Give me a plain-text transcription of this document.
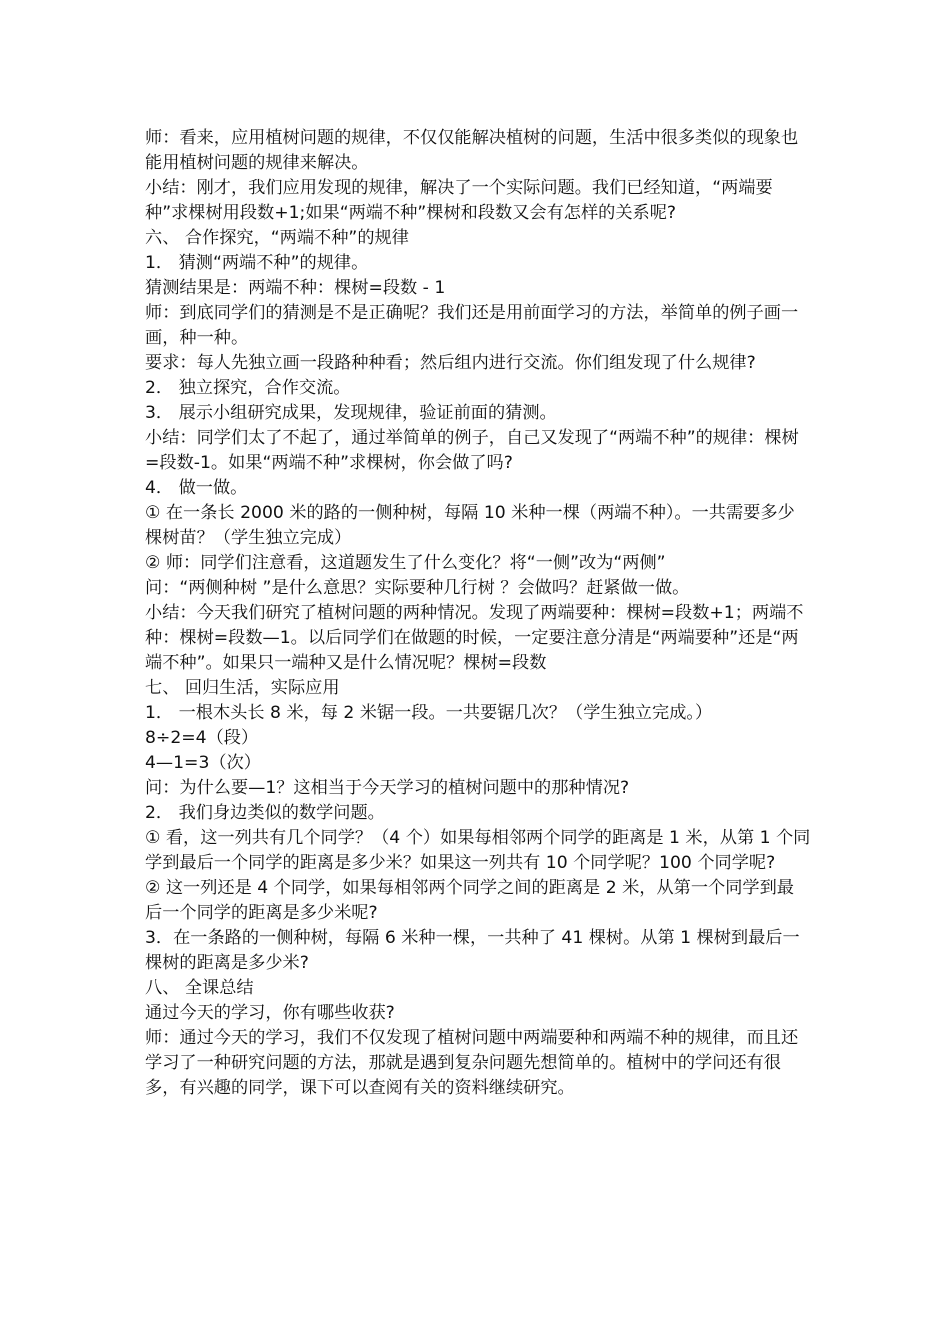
师：看来，应用植树问题的规律，不仅仅能解决植树的问题，生活中很多类似的现象也能用植树问题的规律来解决。

小结：刚才，我们应用发现的规律，解决了一个实际问题。我们已经知道，“两端要种”求棵树用段数+1;如果“两端不种”棵树和段数又会有怎样的关系呢?

六、 合作探究，“两端不种”的规律

1． 猜测“两端不种”的规律。

猜测结果是：两端不种：棵树=段数 - 1

师：到底同学们的猜测是不是正确呢？我们还是用前面学习的方法，举简单的例子画一画，种一种。

要求：每人先独立画一段路种种看；然后组内进行交流。你们组发现了什么规律?

2． 独立探究，合作交流。

3． 展示小组研究成果，发现规律，验证前面的猜测。

小结：同学们太了不起了，通过举简单的例子，自己又发现了“两端不种”的规律：棵树=段数-1。如果“两端不种”求棵树，你会做了吗?

4． 做一做。

① 在一条长 2000 米的路的一侧种树，每隔 10 米种一棵（两端不种）。一共需要多少棵树苗？（学生独立完成）

② 师：同学们注意看，这道题发生了什么变化？将“一侧”改为“两侧”

问：“两侧种树 ”是什么意思？实际要种几行树 ？会做吗？赶紧做一做。

小结：今天我们研究了植树问题的两种情况。发现了两端要种：棵树=段数+1；两端不种：棵树=段数—1。以后同学们在做题的时候，一定要注意分清是“两端要种”还是“两端不种”。如果只一端种又是什么情况呢？棵树=段数

七、 回归生活，实际应用

1． 一根木头长 8 米，每 2 米锯一段。一共要锯几次？（学生独立完成。）

8÷2=4（段）

4—1=3（次）

问：为什么要—1？这相当于今天学习的植树问题中的那种情况?

2． 我们身边类似的数学问题。

① 看，这一列共有几个同学？（4 个）如果每相邻两个同学的距离是 1 米，从第 1 个同学到最后一个同学的距离是多少米？如果这一列共有 10 个同学呢？100 个同学呢?

② 这一列还是 4 个同学，如果每相邻两个同学之间的距离是 2 米，从第一个同学到最后一个同学的距离是多少米呢?

3．在一条路的一侧种树，每隔 6 米种一棵，一共种了 41 棵树。从第 1 棵树到最后一棵树的距离是多少米?

八、 全课总结

通过今天的学习，你有哪些收获?

师：通过今天的学习，我们不仅发现了植树问题中两端要种和两端不种的规律，而且还学习了一种研究问题的方法，那就是遇到复杂问题先想简单的。植树中的学问还有很多，有兴趣的同学，课下可以查阅有关的资料继续研究。
